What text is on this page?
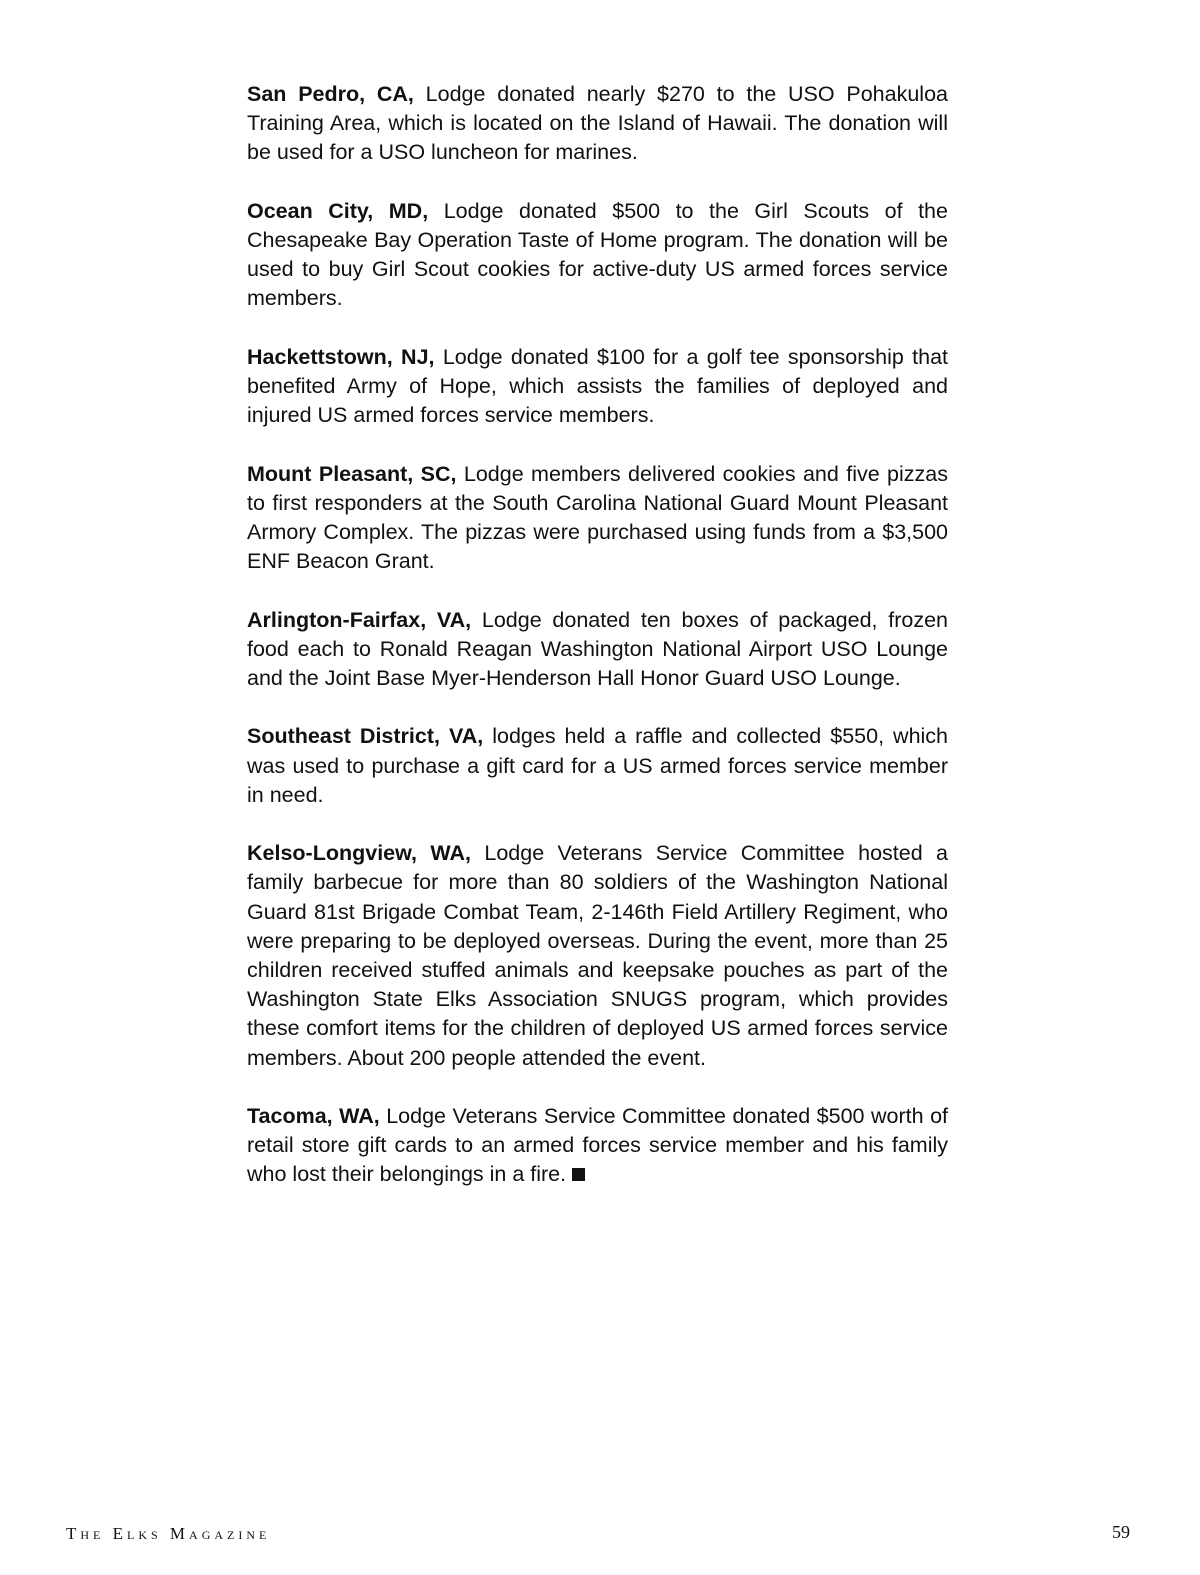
San Pedro, CA, Lodge donated nearly $270 to the USO Pohakuloa Training Area, which is located on the Island of Hawaii. The donation will be used for a USO luncheon for marines.

Ocean City, MD, Lodge donated $500 to the Girl Scouts of the Chesapeake Bay Operation Taste of Home program. The donation will be used to buy Girl Scout cookies for active-duty US armed forces service members.

Hackettstown, NJ, Lodge donated $100 for a golf tee sponsorship that benefited Army of Hope, which assists the families of deployed and injured US armed forces service members.

Mount Pleasant, SC, Lodge members delivered cookies and five pizzas to first responders at the South Carolina National Guard Mount Pleasant Armory Complex. The pizzas were purchased using funds from a $3,500 ENF Beacon Grant.

Arlington-Fairfax, VA, Lodge donated ten boxes of packaged, frozen food each to Ronald Reagan Washington National Airport USO Lounge and the Joint Base Myer-Henderson Hall Honor Guard USO Lounge.

Southeast District, VA, lodges held a raffle and collected $550, which was used to purchase a gift card for a US armed forces service member in need.

Kelso-Longview, WA, Lodge Veterans Service Committee hosted a family barbecue for more than 80 soldiers of the Washington National Guard 81st Brigade Combat Team, 2-146th Field Artillery Regiment, who were preparing to be deployed overseas. During the event, more than 25 children received stuffed animals and keepsake pouches as part of the Washington State Elks Association SNUGS program, which provides these comfort items for the children of deployed US armed forces service members. About 200 people attended the event.

Tacoma, WA, Lodge Veterans Service Committee donated $500 worth of retail store gift cards to an armed forces service member and his family who lost their belongings in a fire.

The Elks Magazine	59
